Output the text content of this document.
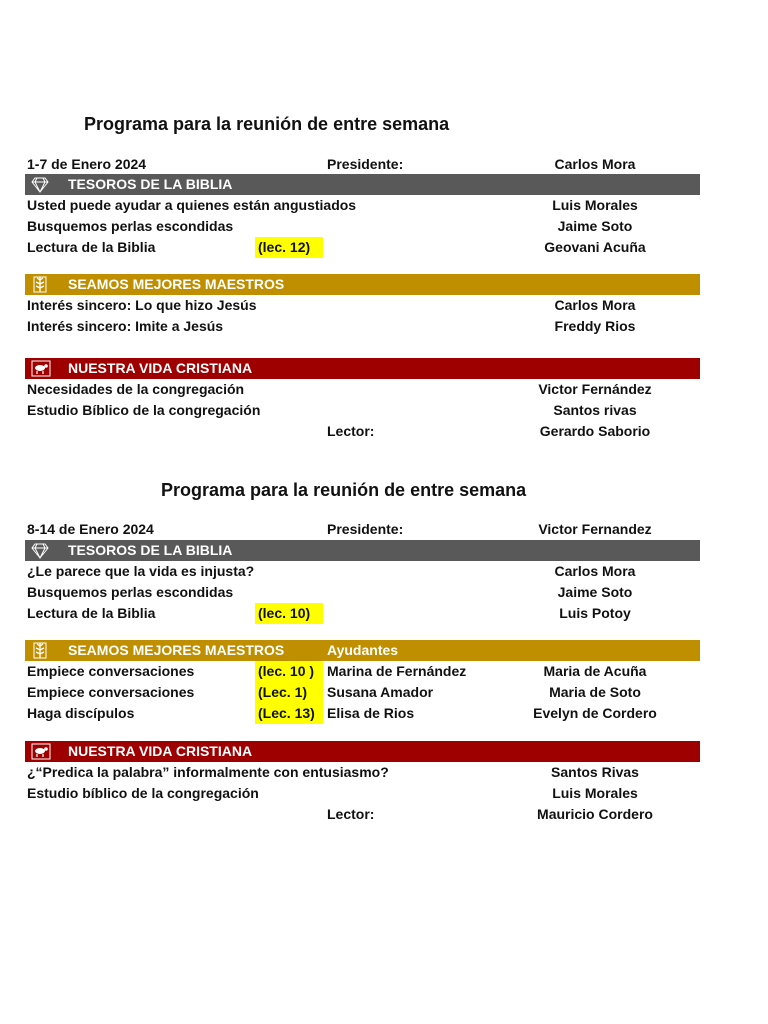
Programa para la reunión de entre semana
1-7 de Enero 2024	Presidente:	Carlos Mora
TESOROS DE LA BIBLIA
Usted puede ayudar a quienes están angustiados	Luis Morales
Busquemos perlas escondidas	Jaime Soto
Lectura de la Biblia	(lec. 12)	Geovani Acuña
SEAMOS MEJORES MAESTROS
Interés sincero: Lo que hizo Jesús	Carlos Mora
Interés sincero: Imite a Jesús	Freddy Rios
NUESTRA VIDA CRISTIANA
Necesidades de la congregación	Victor Fernández
Estudio Bíblico de la congregación	Santos rivas
Lector:	Gerardo Saborio
Programa para la reunión de entre semana
8-14 de Enero 2024	Presidente:	Victor Fernandez
TESOROS DE LA BIBLIA
¿Le parece que la vida es injusta?	Carlos Mora
Busquemos perlas escondidas	Jaime Soto
Lectura de la Biblia	(lec. 10)	Luis Potoy
SEAMOS MEJORES MAESTROS	Ayudantes
Empiece conversaciones	(lec. 10 ) Marina de Fernández	Maria de Acuña
Empiece conversaciones	(Lec. 1)	Susana Amador	Maria de Soto
Haga discípulos	(Lec. 13) Elisa de Rios	Evelyn de Cordero
NUESTRA VIDA CRISTIANA
¿“Predica la palabra” informalmente con entusiasmo?	Santos Rivas
Estudio bíblico de la congregación	Luis Morales
Lector:	Mauricio Cordero
